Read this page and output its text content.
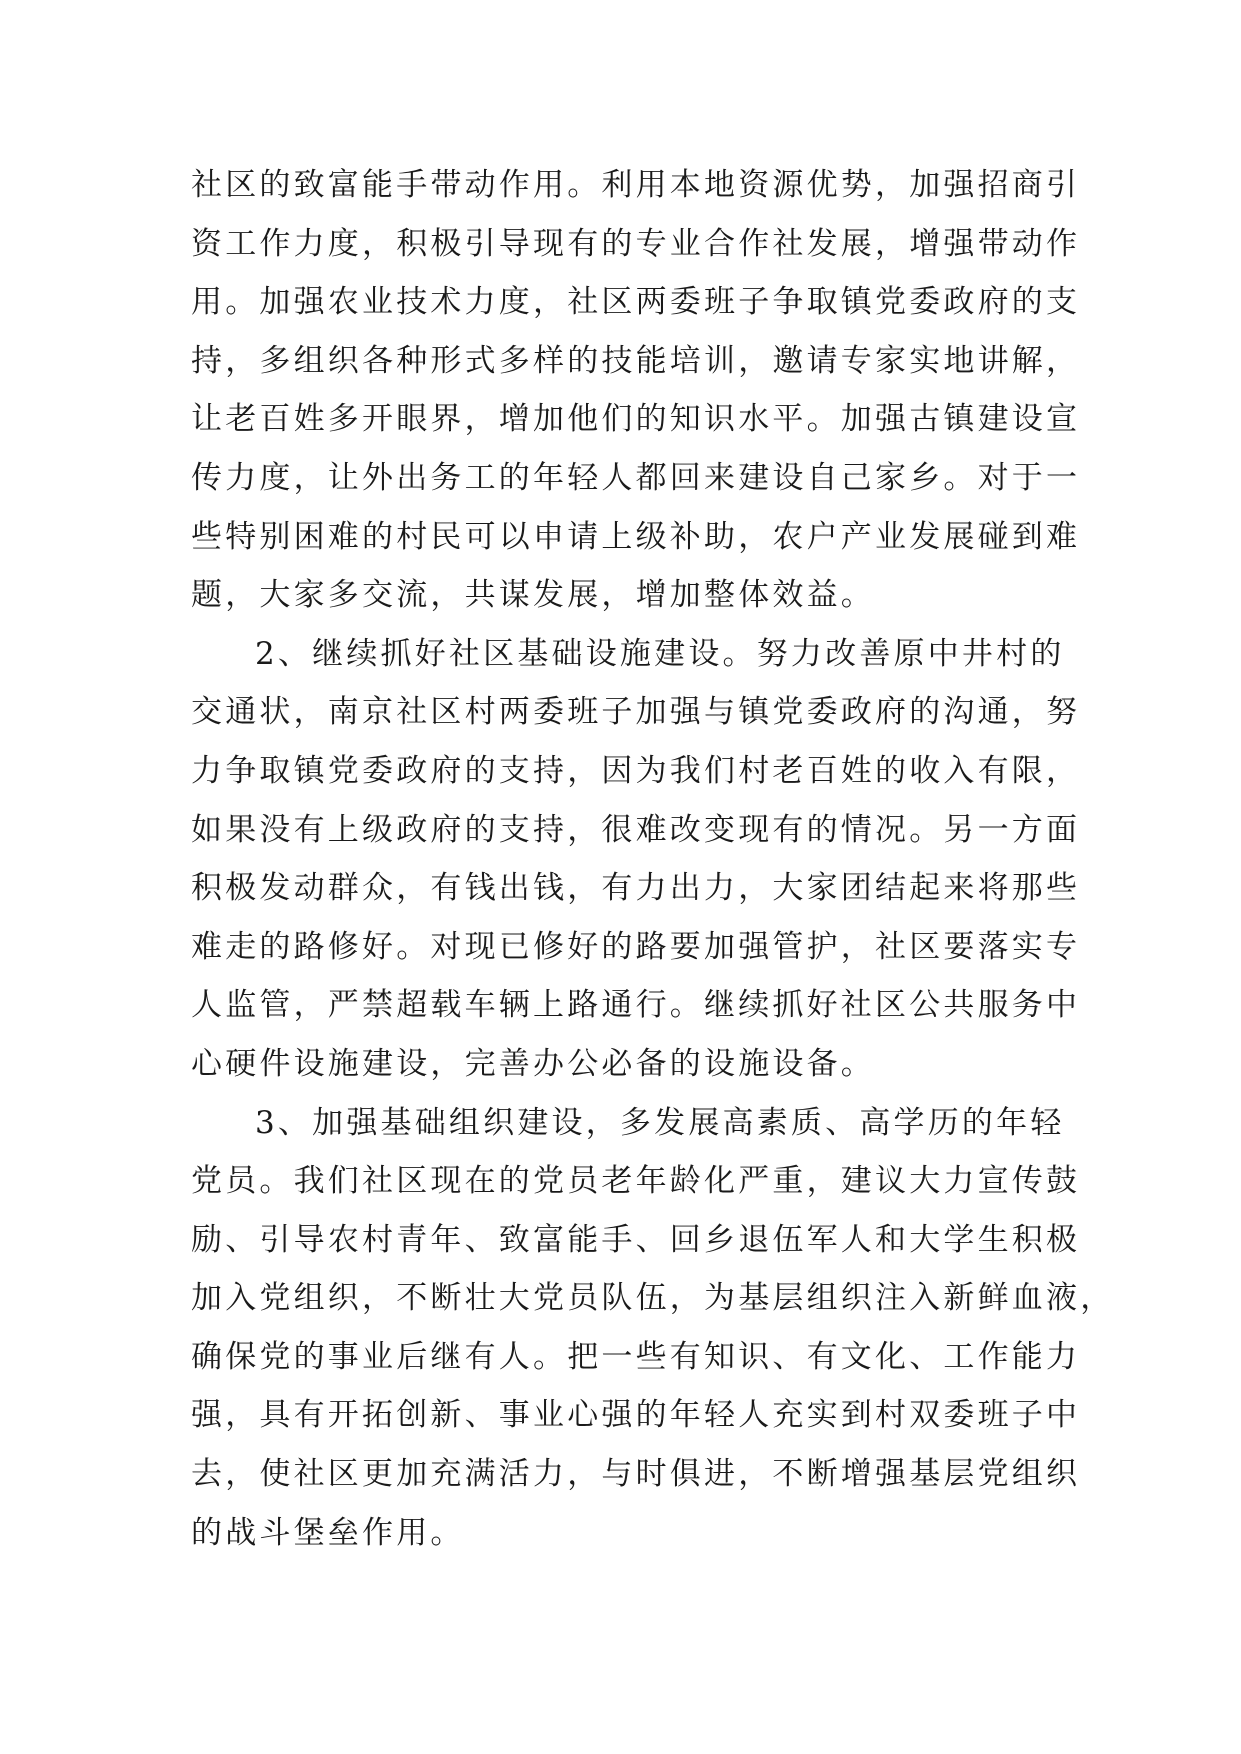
社区的致富能手带动作用。利用本地资源优势，加强招商引
资工作力度，积极引导现有的专业合作社发展，增强带动作
用。加强农业技术力度，社区两委班子争取镇党委政府的支
持，多组织各种形式多样的技能培训，邀请专家实地讲解，
让老百姓多开眼界，增加他们的知识水平。加强古镇建设宣
传力度，让外出务工的年轻人都回来建设自己家乡。对于一
些特别困难的村民可以申请上级补助，农户产业发展碰到难
题，大家多交流，共谋发展，增加整体效益。
2、继续抓好社区基础设施建设。努力改善原中井村的
交通状，南京社区村两委班子加强与镇党委政府的沟通，努
力争取镇党委政府的支持，因为我们村老百姓的收入有限，
如果没有上级政府的支持，很难改变现有的情况。另一方面
积极发动群众，有钱出钱，有力出力，大家团结起来将那些
难走的路修好。对现已修好的路要加强管护，社区要落实专
人监管，严禁超载车辆上路通行。继续抓好社区公共服务中
心硬件设施建设，完善办公必备的设施设备。
3、加强基础组织建设，多发展高素质、高学历的年轻
党员。我们社区现在的党员老年龄化严重，建议大力宣传鼓
励、引导农村青年、致富能手、回乡退伍军人和大学生积极
加入党组织，不断壮大党员队伍，为基层组织注入新鲜血液，
确保党的事业后继有人。把一些有知识、有文化、工作能力
强，具有开拓创新、事业心强的年轻人充实到村双委班子中
去，使社区更加充满活力，与时俱进，不断增强基层党组织
的战斗堡垒作用。
